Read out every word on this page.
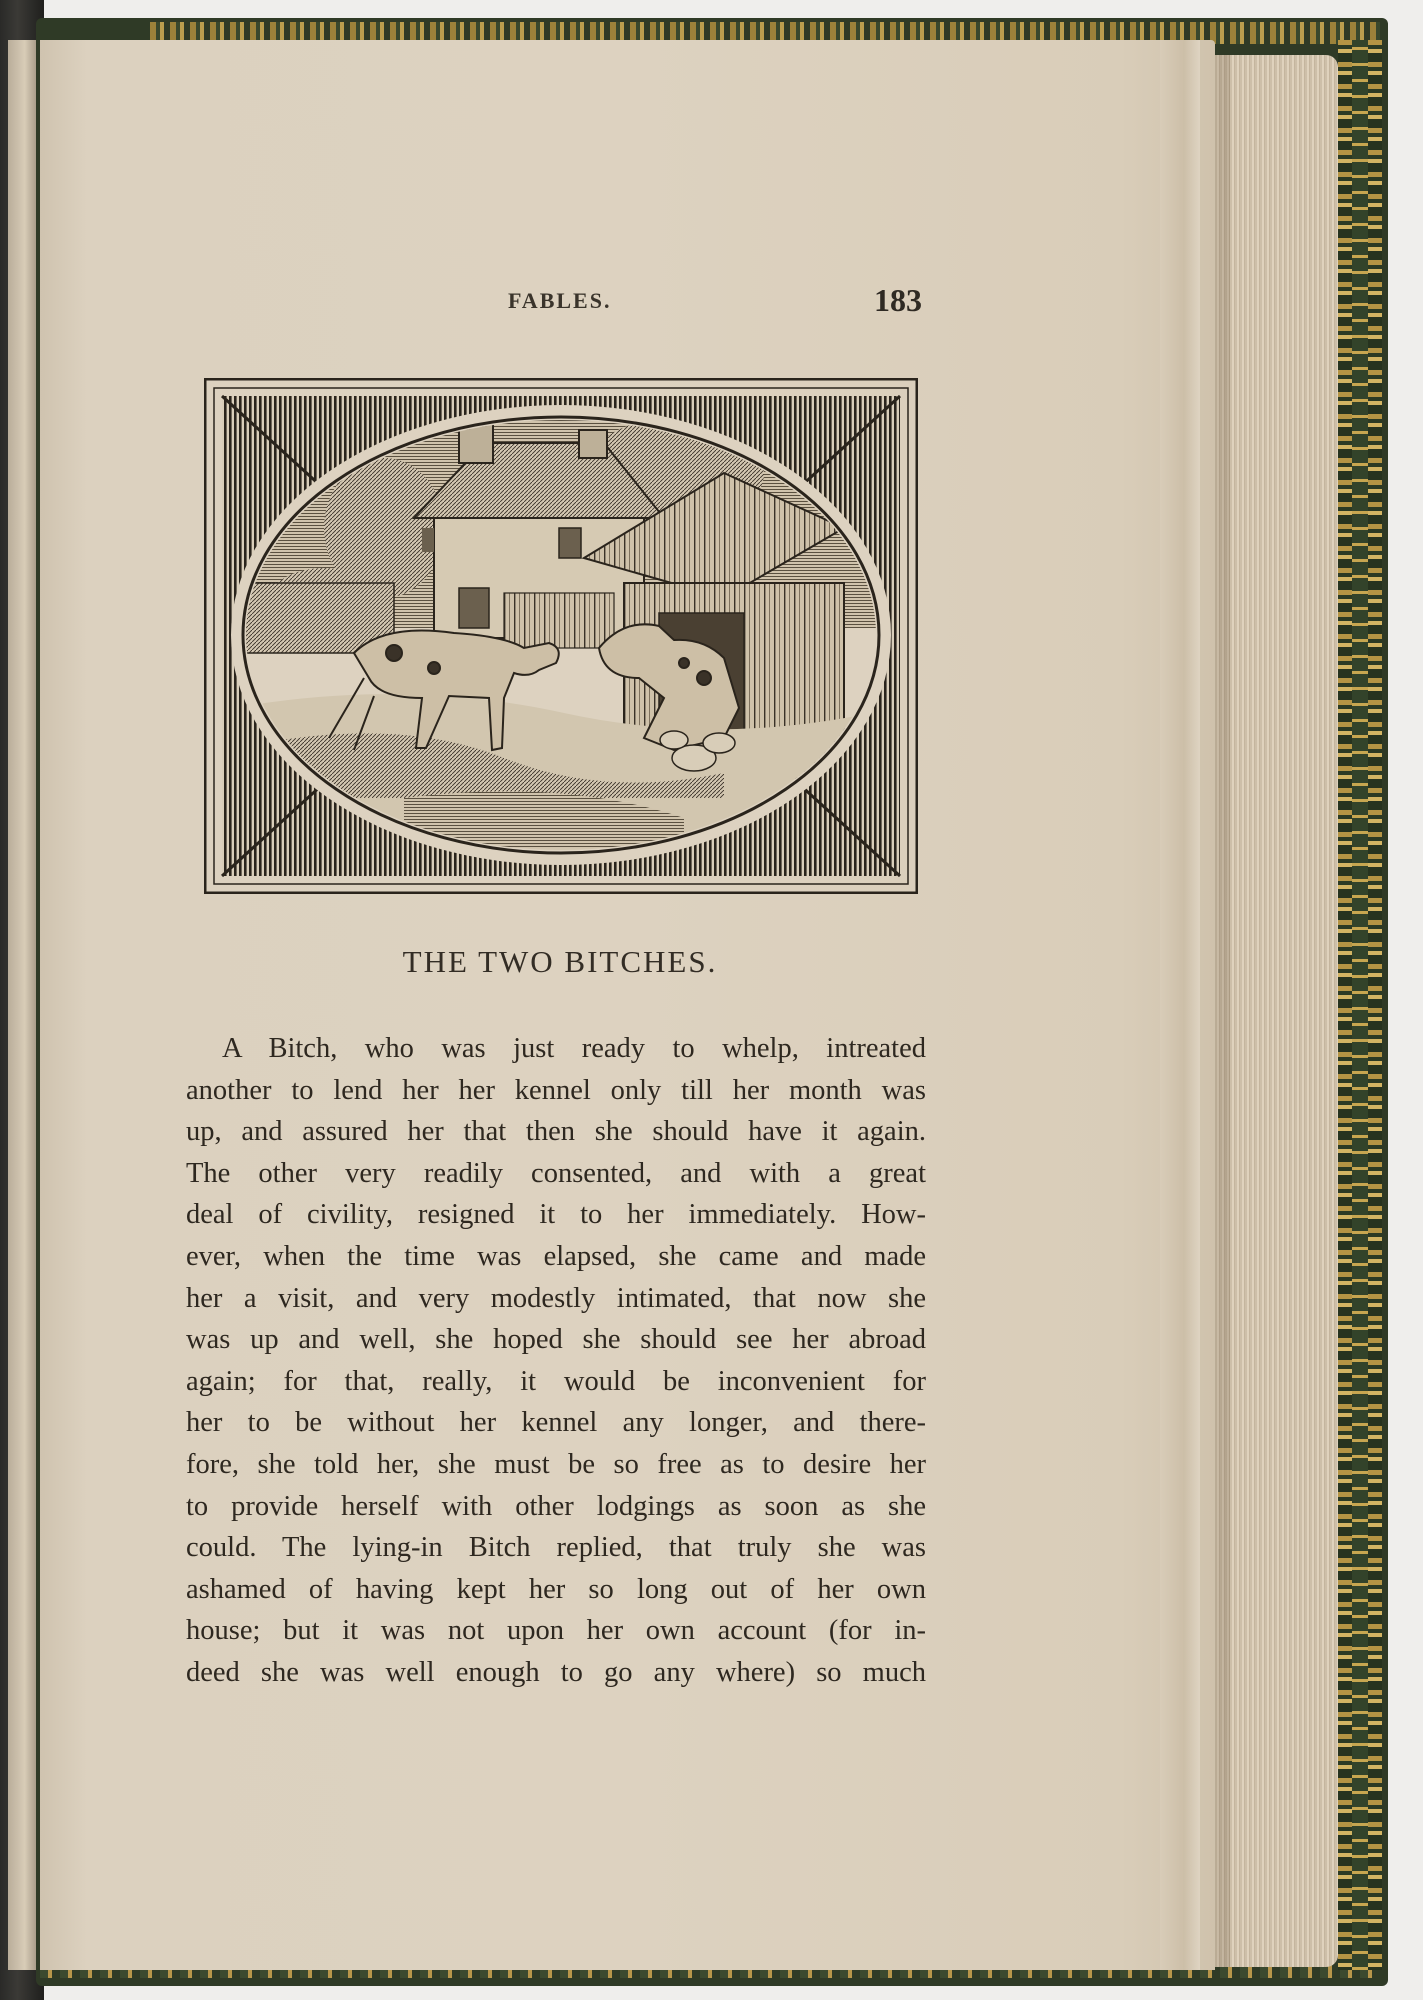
FABLES.	183
THE TWO BITCHES.
A Bitch, who was just ready to whelp, intreated
another to lend her her kennel only till her month was
up, and assured her that then she should have it again.
The other very readily consented, and with a great
deal of civility, resigned it to her immediately. How-
ever, when the time was elapsed, she came and made
her a visit, and very modestly intimated, that now she
was up and well, she hoped she should see her abroad
again; for that, really, it would be inconvenient for
her to be without her kennel any longer, and there-
fore, she told her, she must be so free as to desire her
to provide herself with other lodgings as soon as she
could. The lying-in Bitch replied, that truly she was
ashamed of having kept her so long out of her own
house; but it was not upon her own account (for in-
deed she was well enough to go any where) so much
